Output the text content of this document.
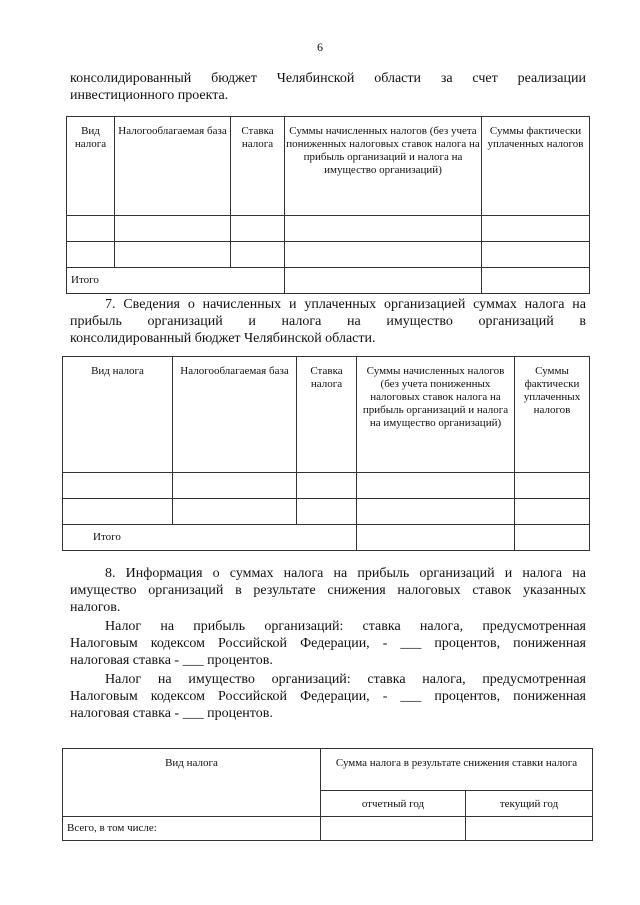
6

консолидированный бюджет Челябинской области за счет реализации

инвестиционного проекта.

Вид налога	Налогооблагаемая база	Ставка налога	Суммы начисленных налогов (без учета пониженных налоговых ставок налога на прибыль организаций и налога на имущество организаций)	Суммы фактически уплаченных налогов

Итого				

7. Сведения о начисленных и уплаченных организацией суммах налога на

прибыль организаций и налога на имущество организаций в

консолидированный бюджет Челябинской области.

Вид налога	Налогооблагаемая база	Ставка налога	Суммы начисленных налогов (без учета пониженных налоговых ставок налога на прибыль организаций и налога на имущество организаций)	Суммы фактически уплаченных налогов

Итого				

8. Информация о суммах налога на прибыль организаций и налога на

имущество организаций в результате снижения налоговых ставок указанных

налогов.

Налог на прибыль организаций: ставка налога, предусмотренная

Налоговым кодексом Российской Федерации, - ___ процентов, пониженная

налоговая ставка - ___ процентов.

Налог на имущество организаций: ставка налога, предусмотренная

Налоговым кодексом Российской Федерации, - ___ процентов, пониженная

налоговая ставка - ___ процентов.

Вид налога	Сумма налога в результате снижения ставки налога	
	отчетный год	текущий год
Всего, в том числе:		
